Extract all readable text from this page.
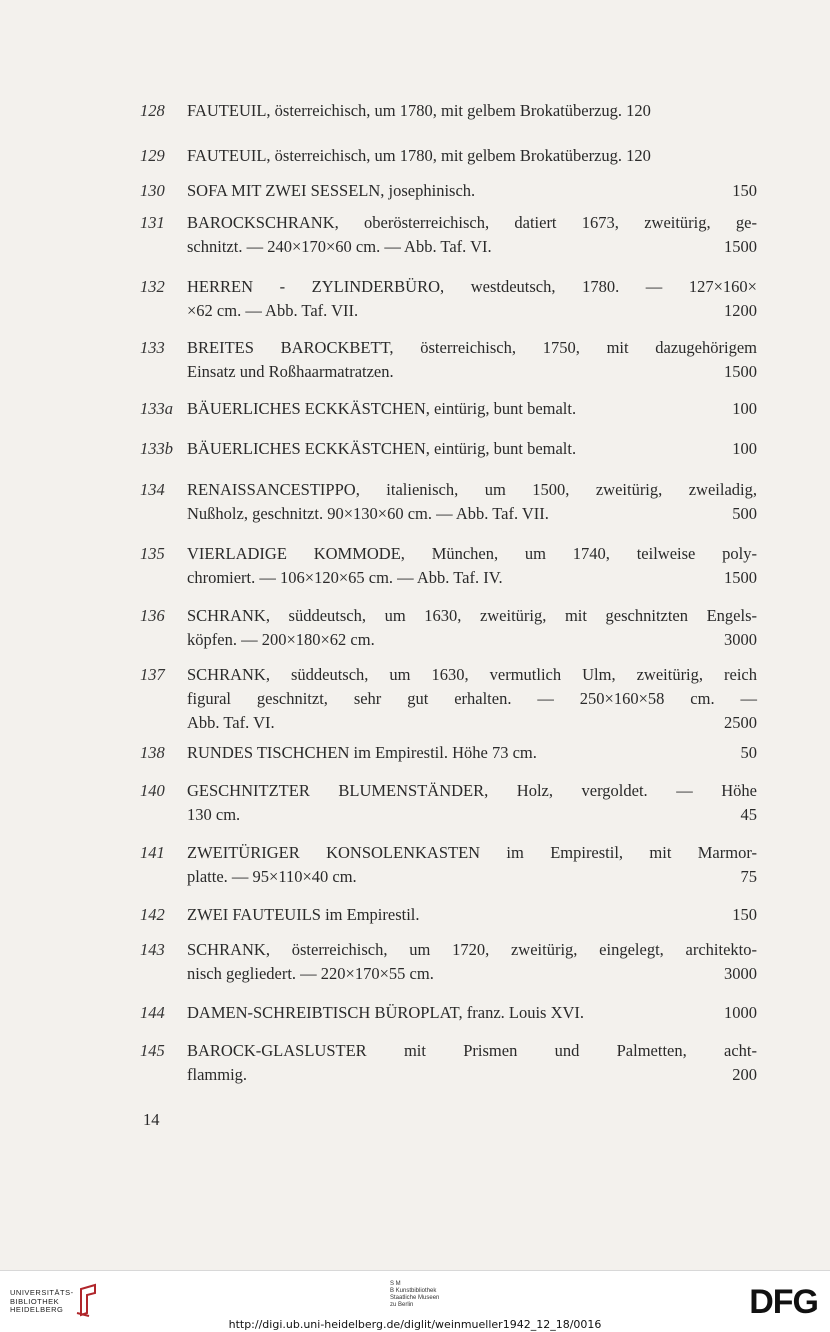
128 FAUTEUIL, österreichisch, um 1780, mit gelbem Brokatüberzug. 120
129 FAUTEUIL, österreichisch, um 1780, mit gelbem Brokatüberzug. 120
130 SOFA MIT ZWEI SESSELN, josephinisch.	150
131 BAROCKSCHRANK, oberösterreichisch, datiert 1673, zweitürig, ge-
schnitzt. — 240×170×60 cm. — Abb. Taf. VI.	1500
132 HERREN - ZYLINDERBÜRO, westdeutsch, 1780. — 127×160×
×62 cm. — Abb. Taf. VII.	1200
133 BREITES BAROCKBETT, österreichisch, 1750, mit dazugehörigem
Einsatz und Roßhaarmatratzen.	1500
133a BÄUERLICHES ECKKÄSTCHEN, eintürig, bunt bemalt.	100
133b BÄUERLICHES ECKKÄSTCHEN, eintürig, bunt bemalt.	100
134 RENAISSANCESTIPPO, italienisch, um 1500, zweitürig, zweiladig,
Nußholz, geschnitzt. 90×130×60 cm. — Abb. Taf. VII.	500
135 VIERLADIGE KOMMODE, München, um 1740, teilweise poly-
chromiert. — 106×120×65 cm. — Abb. Taf. IV.	1500
136 SCHRANK, süddeutsch, um 1630, zweitürig, mit geschnitzten Engels-
köpfen. — 200×180×62 cm.	3000
137 SCHRANK, süddeutsch, um 1630, vermutlich Ulm, zweitürig, reich
figural geschnitzt, sehr gut erhalten. — 250×160×58 cm. —
Abb. Taf. VI.	2500
138 RUNDES TISCHCHEN im Empirestil. Höhe 73 cm.	50
140 GESCHNITZTER BLUMENSTÄNDER, Holz, vergoldet. — Höhe
130 cm.	45
141 ZWEITÜRIGER KONSOLENKASTEN im Empirestil, mit Marmor-
platte. — 95×110×40 cm.	75
142 ZWEI FAUTEUILS im Empirestil.	150
143 SCHRANK, österreichisch, um 1720, zweitürig, eingelegt, architekto-
nisch gegliedert. — 220×170×55 cm.	3000
144 DAMEN-SCHREIBTISCH BÜROPLAT, franz. Louis XVI.	1000
145 BAROCK-GLASLUSTER mit Prismen und Palmetten, acht-
flammig.	200
14
UNIVERSITÄTS-
BIBLIOTHEK
HEIDELBERG
S M
B Kunstbibliothek
Staatliche Museen
zu Berlin	DFG
http://digi.ub.uni-heidelberg.de/diglit/weinmueller1942_12_18/0016
